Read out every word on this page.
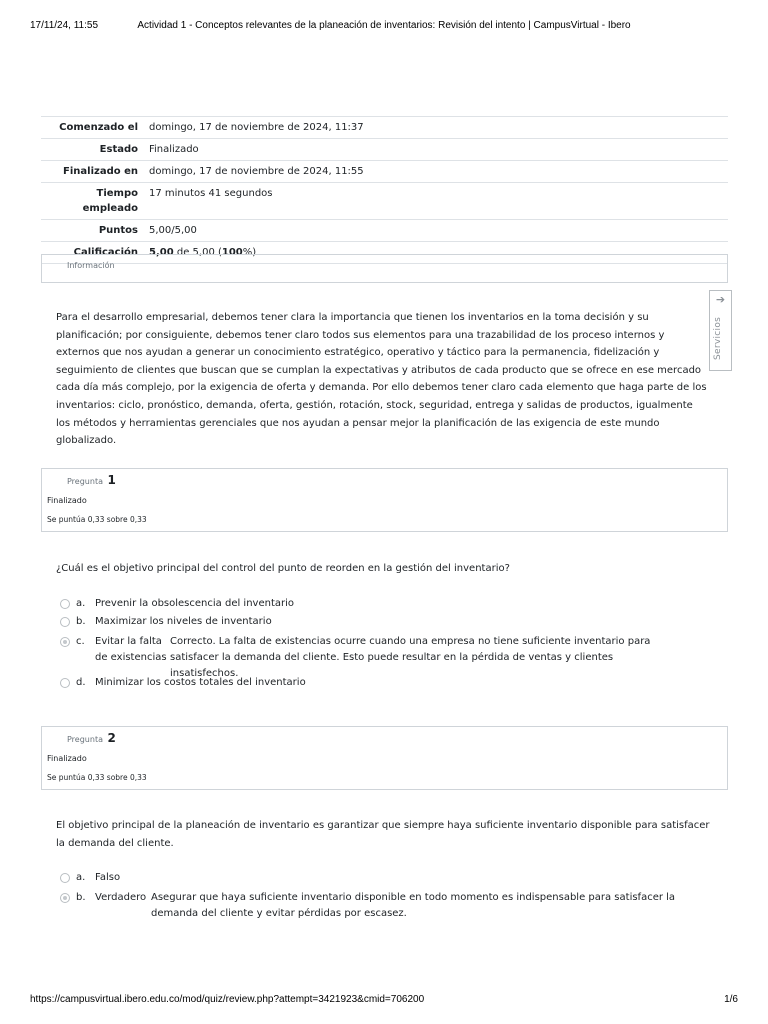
17/11/24, 11:55	Actividad 1 - Conceptos relevantes de la planeación de inventarios: Revisión del intento | CampusVirtual - Ibero
Comenzado el	domingo, 17 de noviembre de 2024, 11:37
Estado	Finalizado
Finalizado en	domingo, 17 de noviembre de 2024, 11:55
Tiempo empleado	17 minutos 41 segundos
Puntos	5,00/5,00
Calificación	5,00 de 5,00 (100%)
Información
Para el desarrollo empresarial, debemos tener clara la importancia que tienen los inventarios en la toma decisión y su planificación; por consiguiente, debemos tener claro todos sus elementos para una trazabilidad de los proceso internos y externos que nos ayudan a generar un conocimiento estratégico, operativo y táctico para la permanencia, fidelización y seguimiento de clientes que buscan que se cumplan la expectativas y atributos de cada producto que se ofrece en ese mercado cada día más complejo, por la exigencia de oferta y demanda. Por ello debemos tener claro cada elemento que haga parte de los inventarios: ciclo, pronóstico, demanda, oferta, gestión, rotación, stock, seguridad, entrega y salidas de productos, igualmente los métodos y herramientas gerenciales que nos ayudan a pensar mejor la planificación de las exigencia de este mundo globalizado.
➔
Servicios
Pregunta 1
Finalizado
Se puntúa 0,33 sobre 0,33
¿Cuál es el objetivo principal del control del punto de reorden en la gestión del inventario?
a. Prevenir la obsolescencia del inventario
b. Maximizar los niveles de inventario
c. Evitar la falta de existencias
Correcto. La falta de existencias ocurre cuando una empresa no tiene suficiente inventario para satisfacer la demanda del cliente. Esto puede resultar en la pérdida de ventas y clientes insatisfechos.
d. Minimizar los costos totales del inventario
Pregunta 2
Finalizado
Se puntúa 0,33 sobre 0,33
El objetivo principal de la planeación de inventario es garantizar que siempre haya suficiente inventario disponible para satisfacer la demanda del cliente.
a. Falso
b. Verdadero Asegurar que haya suficiente inventario disponible en todo momento es indispensable para satisfacer la demanda del cliente y evitar pérdidas por escasez.
https://campusvirtual.ibero.edu.co/mod/quiz/review.php?attempt=3421923&cmid=706200	1/6
